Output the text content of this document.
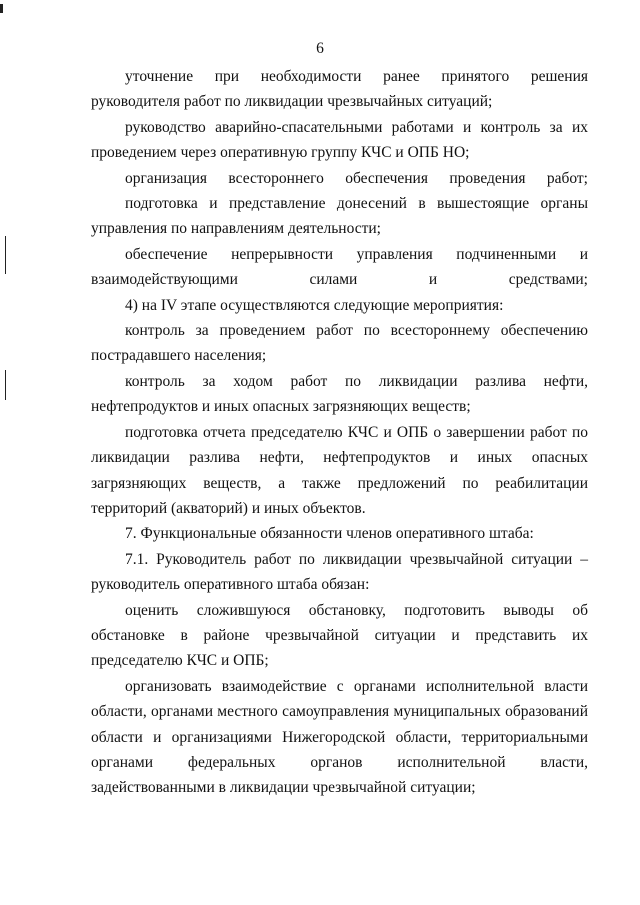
6

уточнение при необходимости ранее принятого решения руководителя работ по ликвидации чрезвычайных ситуаций;

руководство аварийно-спасательными работами и контроль за их проведением через оперативную группу КЧС и ОПБ НО;

организация всестороннего обеспечения проведения работ;

подготовка и представление донесений в вышестоящие органы управления по направлениям деятельности;

обеспечение непрерывности управления подчиненными и взаимодействующими силами и средствами;

4) на IV этапе осуществляются следующие мероприятия:

контроль за проведением работ по всестороннему обеспечению пострадавшего населения;

контроль за ходом работ по ликвидации разлива нефти, нефтепродуктов и иных опасных загрязняющих веществ;

подготовка отчета председателю КЧС и ОПБ о завершении работ по ликвидации разлива нефти, нефтепродуктов и иных опасных загрязняющих веществ, а также предложений по реабилитации территорий (акваторий) и иных объектов.

7. Функциональные обязанности членов оперативного штаба:

7.1. Руководитель работ по ликвидации чрезвычайной ситуации – руководитель оперативного штаба обязан:

оценить сложившуюся обстановку, подготовить выводы об обстановке в районе чрезвычайной ситуации и представить их председателю КЧС и ОПБ;

организовать взаимодействие с органами исполнительной власти области, органами местного самоуправления муниципальных образований области и организациями Нижегородской области, территориальными органами федеральных органов исполнительной власти, задействованными в ликвидации чрезвычайной ситуации;
